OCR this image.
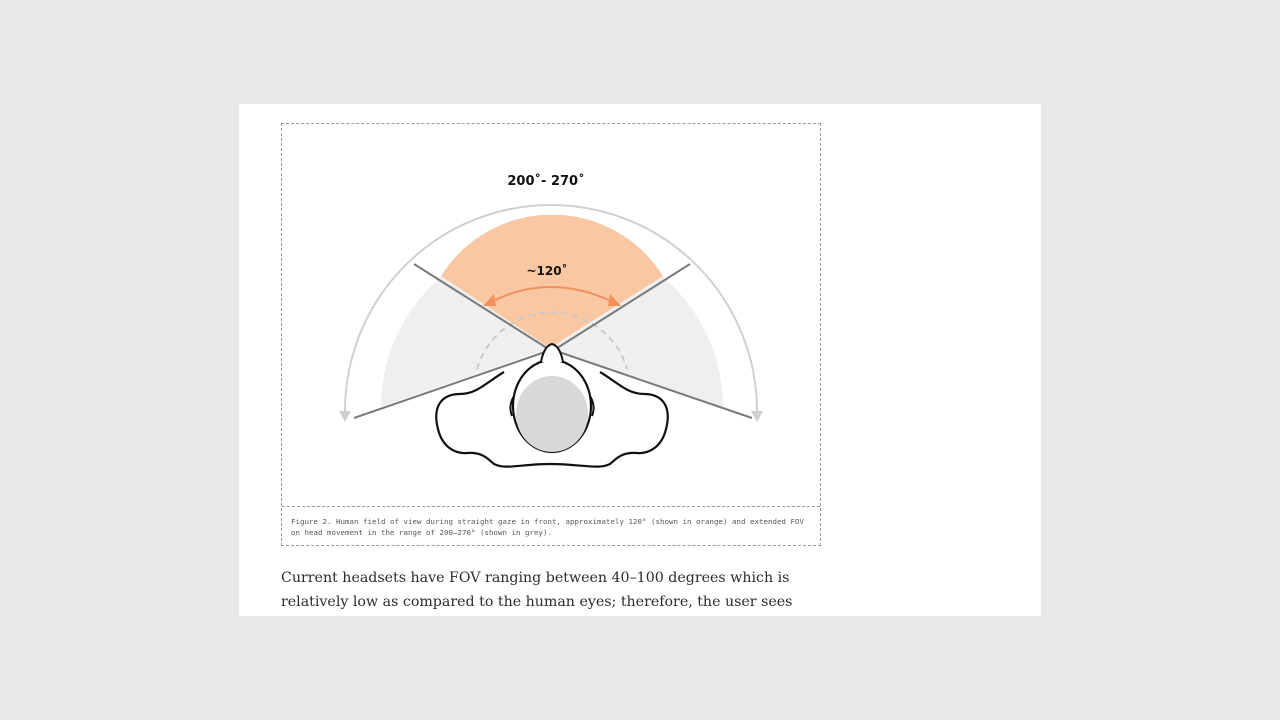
200˚- 270˚
~120˚
Figure 2. Human field of view during straight gaze in front, approximately 120° (shown in orange) and extended FOV on head movement in the range of 200–270° (shown in grey).

Current headsets have FOV ranging between 40–100 degrees which is relatively low as compared to the human eyes; therefore, the user sees
